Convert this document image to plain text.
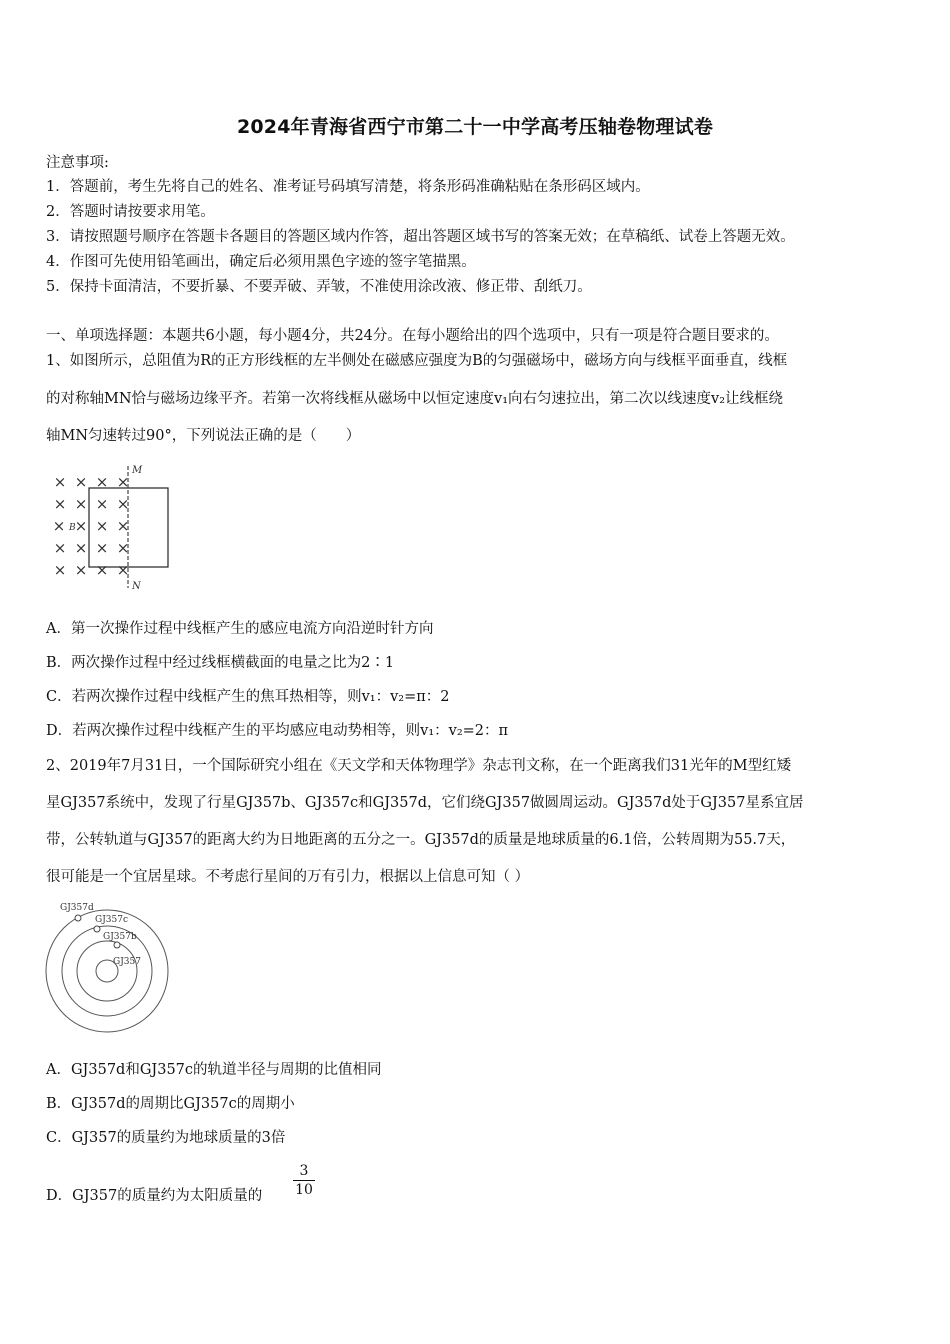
2024年青海省西宁市第二十一中学高考压轴卷物理试卷
注意事项:
1．答题前，考生先将自己的姓名、准考证号码填写清楚，将条形码准确粘贴在条形码区域内。
2．答题时请按要求用笔。
3．请按照题号顺序在答题卡各题目的答题区域内作答，超出答题区域书写的答案无效；在草稿纸、试卷上答题无效。
4．作图可先使用铅笔画出，确定后必须用黑色字迹的签字笔描黑。
5．保持卡面清洁，不要折暴、不要弄破、弄皱，不准使用涂改液、修正带、刮纸刀。
一、单项选择题：本题共6小题，每小题4分，共24分。在每小题给出的四个选项中，只有一项是符合题目要求的。
1、如图所示，总阻值为R的正方形线框的左半侧处在磁感应强度为B的匀强磁场中，磁场方向与线框平面垂直，线框
的对称轴MN恰与磁场边缘平齐。若第一次将线框从磁场中以恒定速度v₁向右匀速拉出，第二次以线速度v₂让线框绕
轴MN匀速转过90°，下列说法正确的是（　　）
× × × ×
× × × ×
× × × ×
× × × ×
× × × ×
B
M
N
A．第一次操作过程中线框产生的感应电流方向沿逆时针方向
B．两次操作过程中经过线框横截面的电量之比为2∶1
C．若两次操作过程中线框产生的焦耳热相等，则v₁：v₂=π：2
D．若两次操作过程中线框产生的平均感应电动势相等，则v₁：v₂=2：π
2、2019年7月31日，一个国际研究小组在《天文学和天体物理学》杂志刊文称，在一个距离我们31光年的M型红矮
星GJ357系统中，发现了行星GJ357b、GJ357c和GJ357d，它们绕GJ357做圆周运动。GJ357d处于GJ357星系宜居
带，公转轨道与GJ357的距离大约为日地距离的五分之一。GJ357d的质量是地球质量的6.1倍，公转周期为55.7天，
很可能是一个宜居星球。不考虑行星间的万有引力，根据以上信息可知（ ）
GJ357d
GJ357c
GJ357b
GJ357
A．GJ357d和GJ357c的轨道半径与周期的比值相同
B．GJ357d的周期比GJ357c的周期小
C．GJ357的质量约为地球质量的3倍
D．GJ357的质量约为太阳质量的
3
10
